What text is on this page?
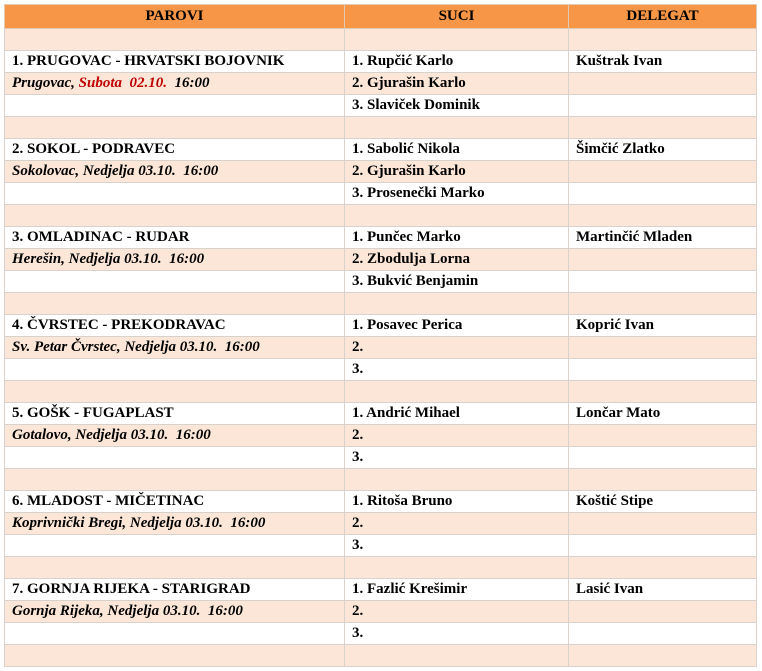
PAROVI	SUCI	DELEGAT

1. PRUGOVAC - HRVATSKI BOJOVNIK	1. Rupčić Karlo	Kuštrak Ivan
Prugovac, Subota  02.10.  16:00	2. Gjurašin Karlo	
	3. Slaviček Dominik	

2. SOKOL - PODRAVEC	1. Sabolić Nikola	Šimčić Zlatko
Sokolovac, Nedjelja 03.10.  16:00	2. Gjurašin Karlo	
	3. Prosenečki Marko	

3. OMLADINAC - RUDAR	1. Punčec Marko	Martinčić Mladen
Herešin, Nedjelja 03.10.  16:00	2. Zbodulja Lorna	
	3. Bukvić Benjamin	

4. ČVRSTEC - PREKODRAVAC	1. Posavec Perica	Koprić Ivan
Sv. Petar Čvrstec, Nedjelja 03.10.  16:00	2.	
	3.	

5. GOŠK - FUGAPLAST	1. Andrić Mihael	Lončar Mato
Gotalovo, Nedjelja 03.10.  16:00	2.	
	3.	

6. MLADOST - MIČETINAC	1. Ritoša Bruno	Koštić Stipe
Koprivnički Bregi, Nedjelja 03.10.  16:00	2.	
	3.	

7. GORNJA RIJEKA - STARIGRAD	1. Fazlić Krešimir	Lasić Ivan
Gornja Rijeka, Nedjelja 03.10.  16:00	2.	
	3.	
